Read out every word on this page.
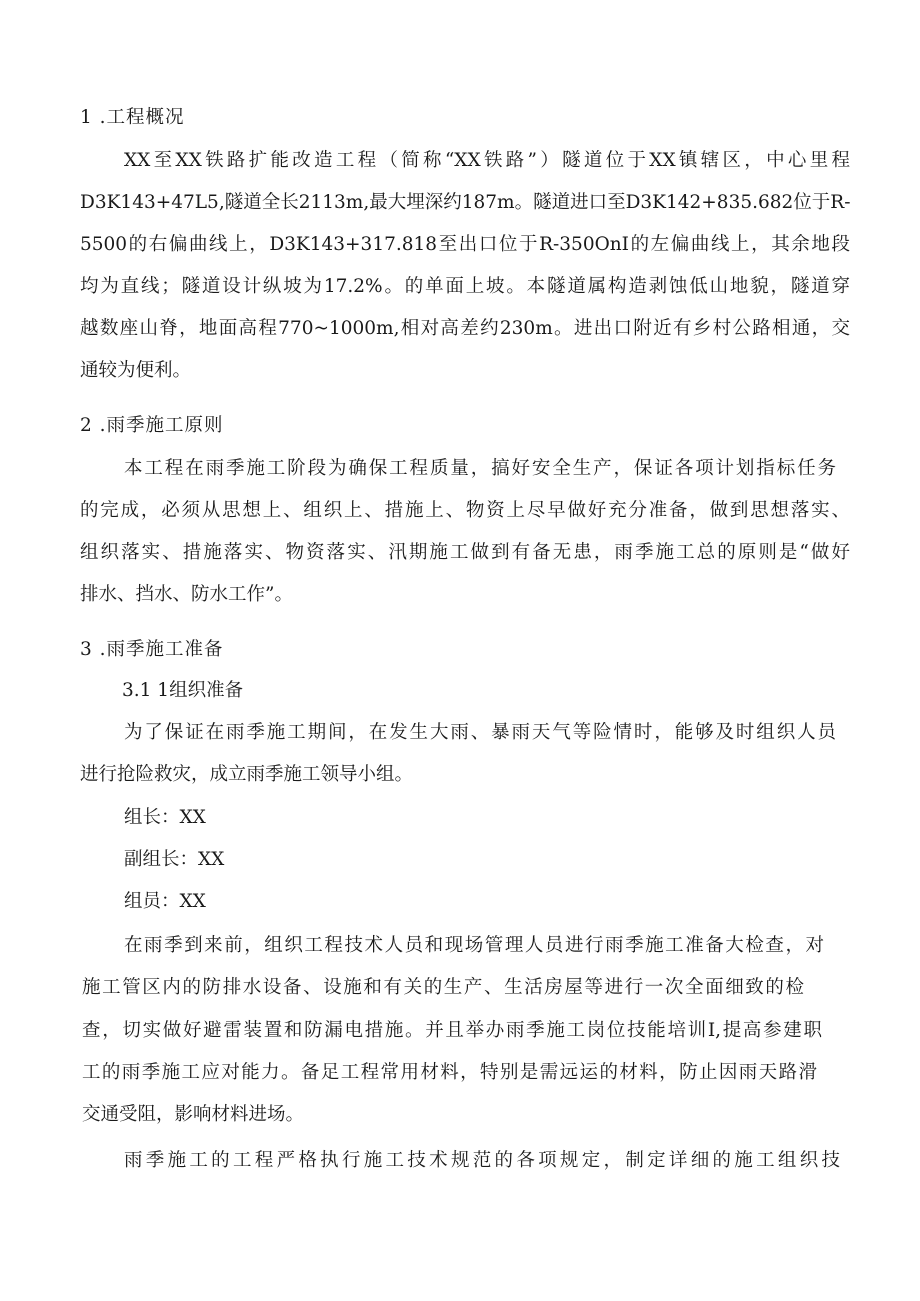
1 .工程概况
XX至XX铁路扩能改造工程（简称“XX铁路”）隧道位于XX镇辖区，中心里程
D3K143+47L5,隧道全长2113m,最大埋深约187m。隧道进口至D3K142+835.682位于R-
5500的右偏曲线上，D3K143+317.818至出口位于R-350OnI的左偏曲线上，其余地段
均为直线；隧道设计纵坡为17.2%。的单面上坡。本隧道属构造剥蚀低山地貌，隧道穿
越数座山脊，地面高程770~1000m,相对高差约230m。进出口附近有乡村公路相通，交
通较为便利。
2 .雨季施工原则
本工程在雨季施工阶段为确保工程质量，搞好安全生产，保证各项计划指标任务
的完成，必须从思想上、组织上、措施上、物资上尽早做好充分准备，做到思想落实、
组织落实、措施落实、物资落实、汛期施工做到有备无患，雨季施工总的原则是“做好
排水、挡水、防水工作”。
3 .雨季施工准备
3.1 1组织准备
为了保证在雨季施工期间，在发生大雨、暴雨天气等险情时，能够及时组织人员
进行抢险救灾，成立雨季施工领导小组。
组长：XX
副组长：XX
组员：XX
在雨季到来前，组织工程技术人员和现场管理人员进行雨季施工准备大检查，对
施工管区内的防排水设备、设施和有关的生产、生活房屋等进行一次全面细致的检
查，切实做好避雷装置和防漏电措施。并且举办雨季施工岗位技能培训I,提高参建职
工的雨季施工应对能力。备足工程常用材料，特别是需远运的材料，防止因雨天路滑
交通受阻，影响材料进场。
雨季施工的工程严格执行施工技术规范的各项规定，制定详细的施工组织技
